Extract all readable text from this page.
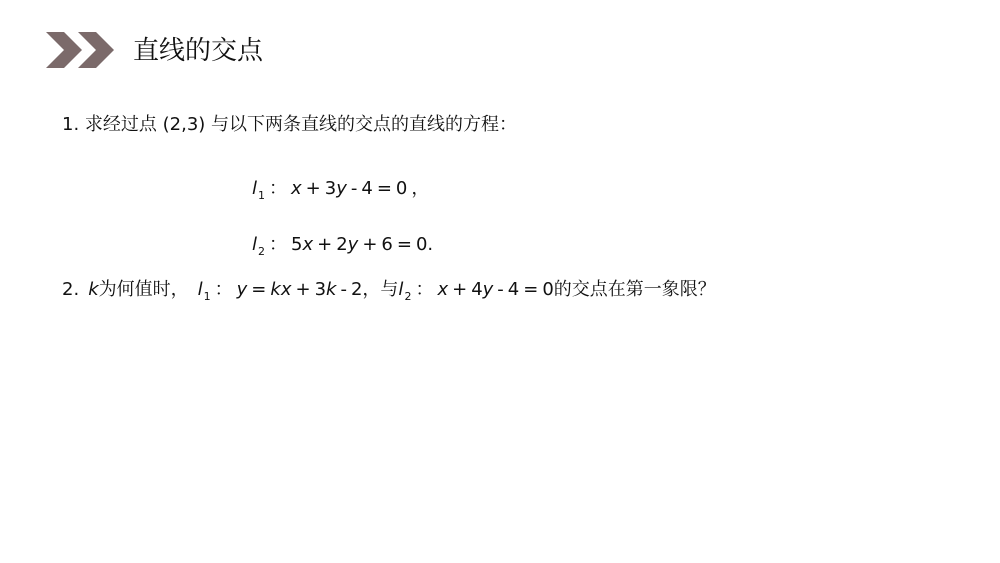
直线的交点
1. 求经过点 (2,3) 与以下两条直线的交点的直线的方程：
l 1 ： x + 3 y - 4 = 0 ，
l 2 ： 5 x + 2 y + 6 = 0.
2. k 为何值时， l 1 ： y = k x + 3 k - 2 ，与 l 2 ： x + 4 y - 4 = 0 的交点在第一象限？
